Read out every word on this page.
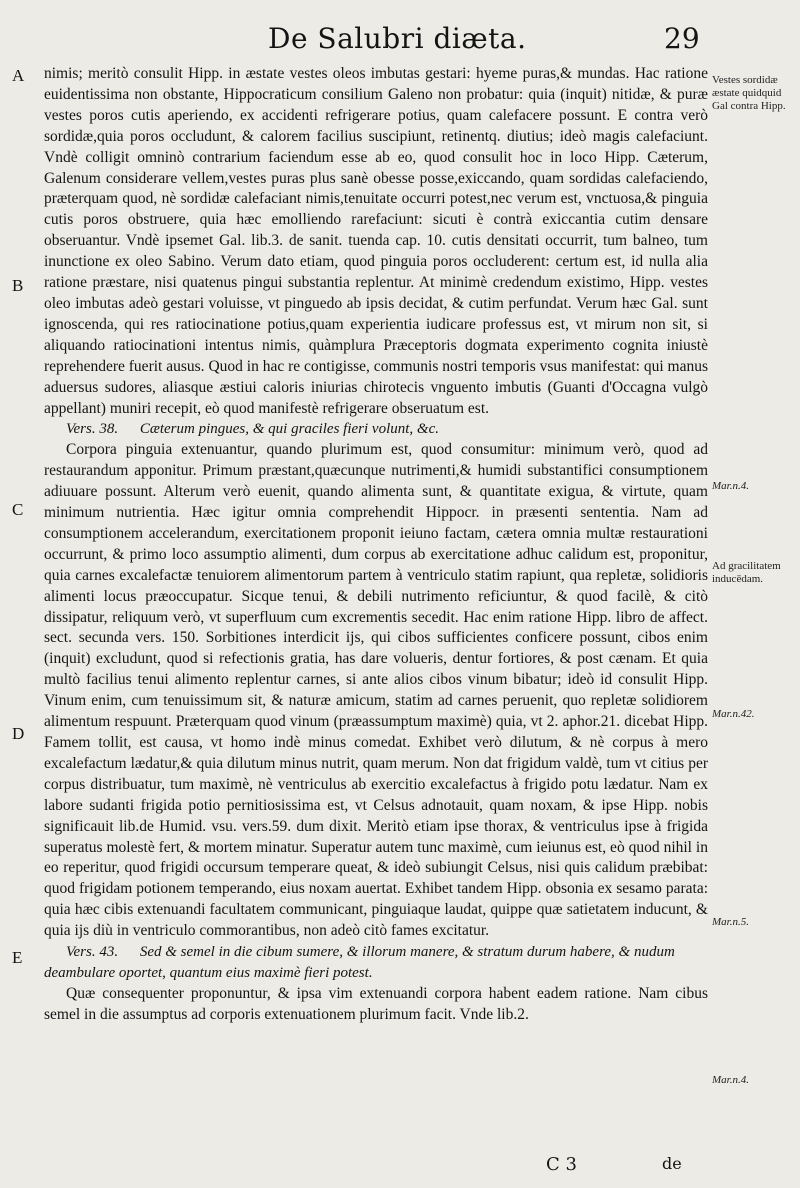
De Salubri diæta.	29
A
B
C
D
E
Vestes sordidæ æstate quidquid Gal contra Hipp.
Mar.n.4.
Ad gracilitatem inducēdam.
Mar.n.42.
Mar.n.5.
Mar.n.4.

nimis; meritò consulit Hipp. in æstate vestes oleos imbutas gestari: hyeme puras,& mundas. Hac ratione euidentissima non obstante, Hippocraticum consilium Galeno non probatur: quia (inquit) nitidæ, & puræ vestes poros cutis aperiendo, ex accidenti refrigerare potius, quam calefacere possunt. E contra verò sordidæ,quia poros occludunt, & calorem facilius suscipiunt, retinentq. diutius; ideò magis calefaciunt. Vndè colligit omninò contrarium faciendum esse ab eo, quod consulit hoc in loco Hipp. Cæterum, Galenum considerare vellem,vestes puras plus sanè obesse posse,exiccando, quam sordidas calefaciendo, præterquam quod, nè sordidæ calefaciant nimis,tenuitate occurri potest,nec verum est, vnctuosa,& pinguia cutis poros obstruere, quia hæc emolliendo rarefaciunt: sicuti è contrà exiccantia cutim densare obseruantur. Vndè ipsemet Gal. lib.3. de sanit. tuenda cap. 10. cutis densitati occurrit, tum balneo, tum inunctione ex oleo Sabino. Verum dato etiam, quod pinguia poros occluderent: certum est, id nulla alia ratione præstare, nisi quatenus pingui substantia replentur. At minimè credendum existimo, Hipp. vestes oleo imbutas adeò gestari voluisse, vt pinguedo ab ipsis decidat, & cutim perfundat. Verum hæc Gal. sunt ignoscenda, qui res ratiocinatione potius,quam experientia iudicare professus est, vt mirum non sit, si aliquando ratiocinationi intentus nimis, quàmplura Præceptoris dogmata experimento cognita iniustè reprehendere fuerit ausus. Quod in hac re contigisse, communis nostri temporis vsus manifestat: qui manus aduersus sudores, aliasque æstiui caloris iniurias chirotecis vnguento imbutis (Guanti d'Occagna vulgò appellant) muniri recepit, eò quod manifestè refrigerare obseruatum est.

Vers. 38. Cæterum pingues, & qui graciles fieri volunt, &c.

Corpora pinguia extenuantur, quando plurimum est, quod consumitur: minimum verò, quod ad restaurandum apponitur. Primum præstant,quæcunque nutrimenti,& humidi substantifici consumptionem adiuuare possunt. Alterum verò euenit, quando alimenta sunt, & quantitate exigua, & virtute, quam minimum nutrientia. Hæc igitur omnia comprehendit Hippocr. in præsenti sententia. Nam ad consumptionem accelerandum, exercitationem proponit ieiuno factam, cætera omnia multæ restaurationi occurrunt, & primo loco assumptio alimenti, dum corpus ab exercitatione adhuc calidum est, proponitur, quia carnes excalefactæ tenuiorem alimentorum partem à ventriculo statim rapiunt, qua repletæ, solidioris alimenti locus præoccupatur. Sicque tenui, & debili nutrimento reficiuntur, & quod facilè, & citò dissipatur, reliquum verò, vt superfluum cum excrementis secedit. Hac enim ratione Hipp. libro de affect. sect. secunda vers. 150. Sorbitiones interdicit ijs, qui cibos sufficientes conficere possunt, cibos enim (inquit) excludunt, quod si refectionis gratia, has dare volueris, dentur fortiores, & post cænam. Et quia multò facilius tenui alimento replentur carnes, si ante alios cibos vinum bibatur; ideò id consulit Hipp. Vinum enim, cum tenuissimum sit, & naturæ amicum, statim ad carnes peruenit, quo repletæ solidiorem alimentum respuunt. Præterquam quod vinum (præassumptum maximè) quia, vt 2. aphor.21. dicebat Hipp. Famem tollit, est causa, vt homo indè minus comedat. Exhibet verò dilutum, & nè corpus à mero excalefactum lædatur,& quia dilutum minus nutrit, quam merum. Non dat frigidum valdè, tum vt citius per corpus distribuatur, tum maximè, nè ventriculus ab exercitio excalefactus à frigido potu lædatur. Nam ex labore sudanti frigida potio pernitiosissima est, vt Celsus adnotauit, quam noxam, & ipse Hipp. nobis significauit lib.de Humid. vsu. vers.59. dum dixit. Meritò etiam ipse thorax, & ventriculus ipse à frigida superatus molestè fert, & mortem minatur. Superatur autem tunc maximè, cum ieiunus est, eò quod nihil in eo reperitur, quod frigidi occursum temperare queat, & ideò subiungit Celsus, nisi quis calidum præbibat: quod frigidam potionem temperando, eius noxam auertat. Exhibet tandem Hipp. obsonia ex sesamo parata: quia hæc cibis extenuandi facultatem communicant, pinguiaque laudat, quippe quæ satietatem inducunt, & quia ijs diù in ventriculo commorantibus, non adeò citò fames excitatur.

Vers. 43. Sed & semel in die cibum sumere, & illorum manere, & stratum durum habere, & nudum deambulare oportet, quantum eius maximè fieri potest.

Quæ consequenter proponuntur, & ipsa vim extenuandi corpora habent eadem ratione. Nam cibus semel in die assumptus ad corporis extenuationem plurimum facit. Vnde lib.2.

C 3	de
